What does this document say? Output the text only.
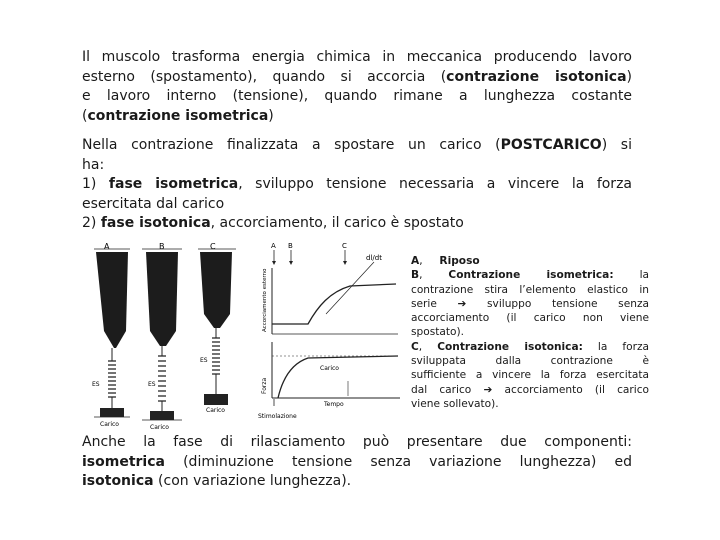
Il muscolo trasforma energia chimica in meccanica producendo lavoro
esterno (spostamento), quando si accorcia (contrazione isotonica)
e lavoro interno (tensione), quando rimane a lunghezza costante
(contrazione isometrica)
Nella contrazione finalizzata a spostare un carico (POSTCARICO) si
ha:
1) fase isometrica, sviluppo tensione necessaria a vincere la forza
esercitata dal carico
2) fase isotonica, accorciamento, il carico è spostato
A
ES
Carico
B
ES
Carico
C
ES
Carico
A B	C
dl/dt
Accorciamento esterno
Forza
Carico
Tempo
Stimolazione
A,     Riposo
B, Contrazione isometrica: la
contrazione stira l’elemento elastico in
serie ➔ sviluppo tensione senza
accorciamento (il carico non viene
spostato).
C, Contrazione isotonica: la forza
sviluppata dalla contrazione è
sufficiente a vincere la forza esercitata
dal carico ➔ accorciamento (il carico
viene sollevato).
Anche la fase di rilasciamento può presentare due componenti:
isometrica (diminuzione tensione senza variazione lunghezza) ed
isotonica (con variazione lunghezza).
